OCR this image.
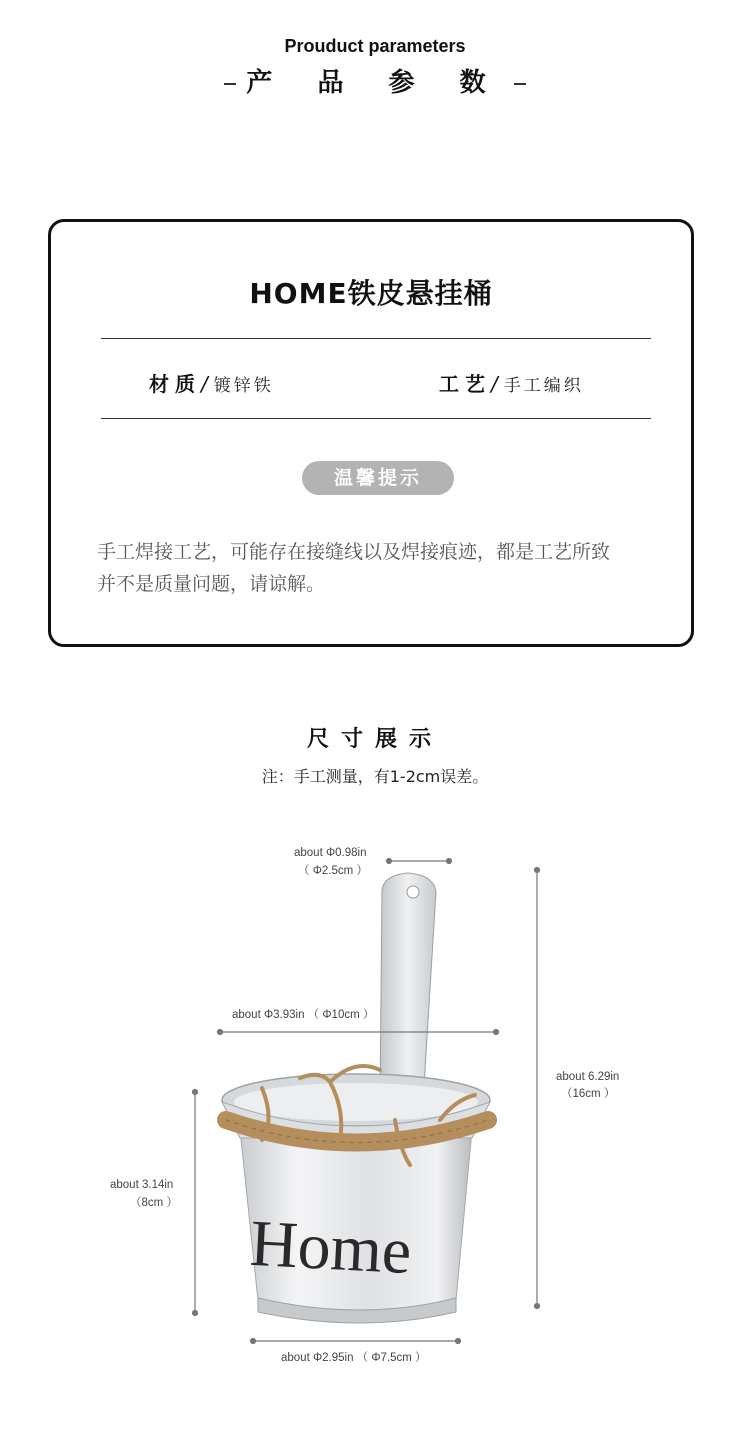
Prouduct parameters
产 品 参 数
HOME铁皮悬挂桶
材质/ 镀锌铁	工艺/ 手工编织
温馨提示
手工焊接工艺，可能存在接缝线以及焊接痕迹，都是工艺所致
并不是质量问题，请谅解。
尺寸展示
注：手工测量，有1-2cm误差。
Home
about Φ0.98in
（ Φ2.5cm ）
about Φ3.93in （ Φ10cm ）
about 6.29in
（16cm ）
about 3.14in
（8cm ）
about Φ2.95in （ Φ7.5cm ）
